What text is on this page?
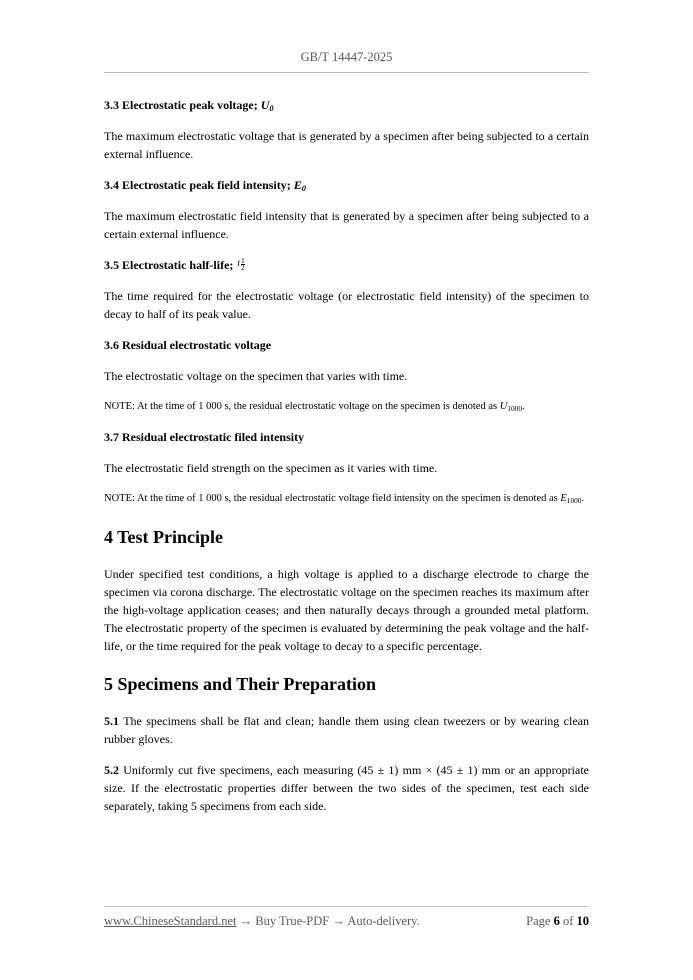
GB/T 14447-2025
3.3 Electrostatic peak voltage; $U_0$

The maximum electrostatic voltage that is generated by a specimen after being subjected to a certain external influence.

3.4 Electrostatic peak field intensity; $E_0$

The maximum electrostatic field intensity that is generated by a specimen after being subjected to a certain external influence.

3.5 Electrostatic half-life; t $\frac{1}{2}$

The time required for the electrostatic voltage (or electrostatic field intensity) of the specimen to decay to half of its peak value.

3.6 Residual electrostatic voltage

The electrostatic voltage on the specimen that varies with time.

NOTE: At the time of 1 000 s, the residual electrostatic voltage on the specimen is denoted as $U_{1000}$.

3.7 Residual electrostatic filed intensity

The electrostatic field strength on the specimen as it varies with time.

NOTE: At the time of 1 000 s, the residual electrostatic voltage field intensity on the specimen is denoted as $E_{1000}$.

4 Test Principle

Under specified test conditions, a high voltage is applied to a discharge electrode to charge the specimen via corona discharge. The electrostatic voltage on the specimen reaches its maximum after the high-voltage application ceases; and then naturally decays through a grounded metal platform. The electrostatic property of the specimen is evaluated by determining the peak voltage and the half-life, or the time required for the peak voltage to decay to a specific percentage.

5 Specimens and Their Preparation

5.1 The specimens shall be flat and clean; handle them using clean tweezers or by wearing clean rubber gloves.

5.2 Uniformly cut five specimens, each measuring (45 ± 1) mm × (45 ± 1) mm or an appropriate size. If the electrostatic properties differ between the two sides of the specimen, test each side separately, taking 5 specimens from each side.

www.ChineseStandard.net → Buy True-PDF → Auto-delivery.	Page 6 of 10
